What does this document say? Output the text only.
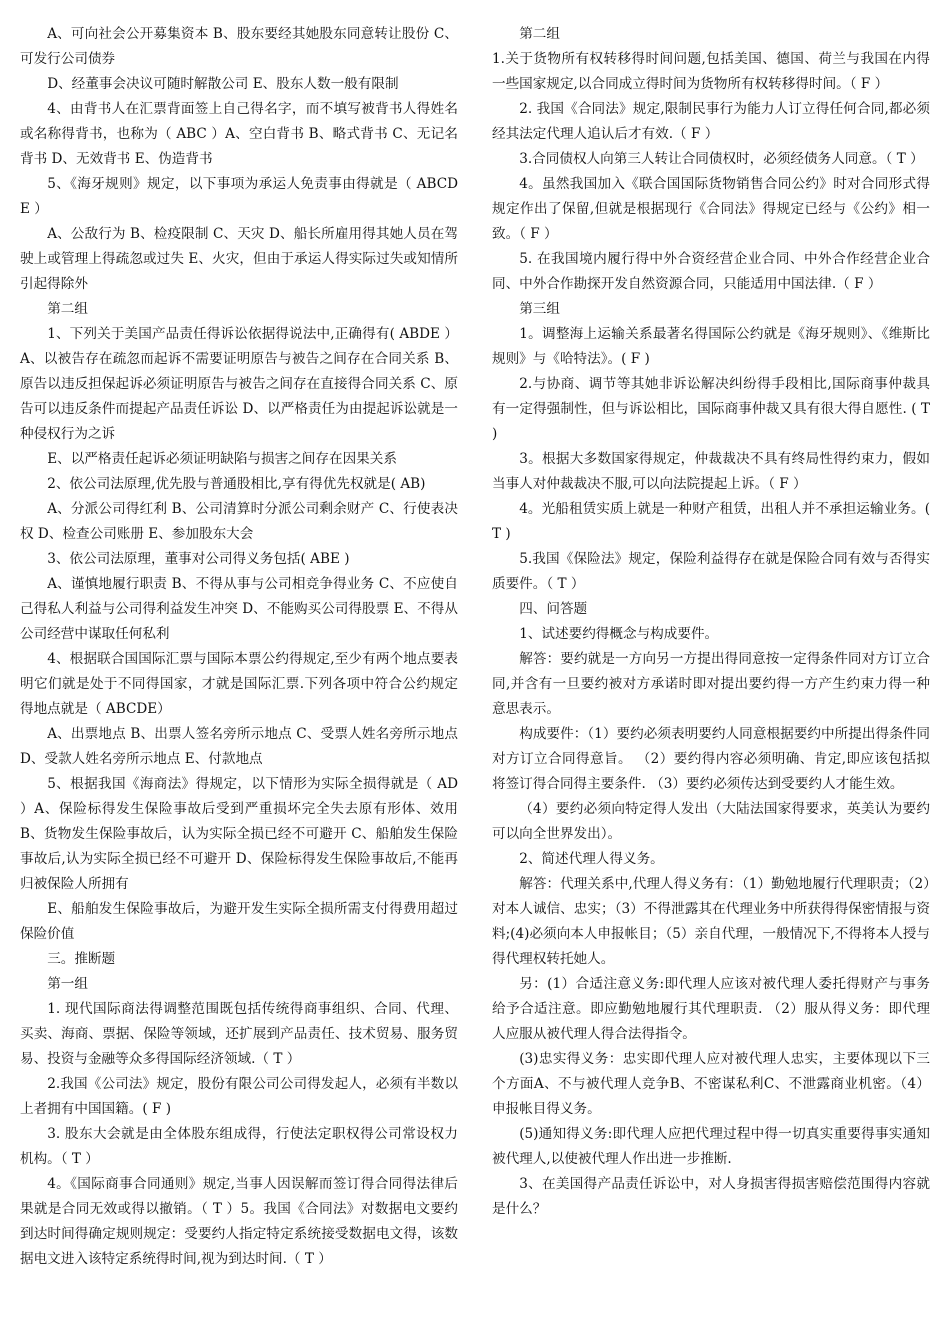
A、可向社会公开募集资本 B、股东要经其她股东同意转让股份 C、可发行公司债券

D、经董事会决议可随时解散公司 E、股东人数一般有限制

4、由背书人在汇票背面签上自己得名字，而不填写被背书人得姓名或名称得背书，也称为（ ABC ）A、空白背书 B、略式背书 C、无记名背书 D、无效背书 E、伪造背书

5、《海牙规则》规定，以下事项为承运人免责事由得就是（ ABCDE ）

A、公敌行为 B、检疫限制 C、天灾 D、船长所雇用得其她人员在驾驶上或管理上得疏忽或过失 E、火灾，但由于承运人得实际过失或知情所引起得除外

第二组

1、下列关于美国产品责任得诉讼依据得说法中,正确得有( ABDE ）A、以被告存在疏忽而起诉不需要证明原告与被告之间存在合同关系 B、原告以违反担保起诉必须证明原告与被告之间存在直接得合同关系 C、原告可以违反条件而提起产品责任诉讼 D、以严格责任为由提起诉讼就是一种侵权行为之诉

E、以严格责任起诉必须证明缺陷与损害之间存在因果关系

2、依公司法原理,优先股与普通股相比,享有得优先权就是( AB)

A、分派公司得红利 B、公司清算时分派公司剩余财产 C、行使表决权 D、检查公司账册 E、参加股东大会

3、依公司法原理，董事对公司得义务包括( ABE )

A、谨慎地履行职责 B、不得从事与公司相竞争得业务 C、不应使自己得私人利益与公司得利益发生冲突 D、不能购买公司得股票 E、不得从公司经营中谋取任何私利

4、根据联合国国际汇票与国际本票公约得规定,至少有两个地点要表明它们就是处于不同得国家，才就是国际汇票.下列各项中符合公约规定得地点就是（ ABCDE）

A、出票地点 B、出票人签名旁所示地点 C、受票人姓名旁所示地点 D、受款人姓名旁所示地点 E、付款地点

5、根据我国《海商法》得规定，以下情形为实际全损得就是（ AD ）A、保险标得发生保险事故后受到严重损坏完全失去原有形体、效用 B、货物发生保险事故后，认为实际全损已经不可避开 C、船舶发生保险事故后,认为实际全损已经不可避开 D、保险标得发生保险事故后,不能再归被保险人所拥有

E、船舶发生保险事故后，为避开发生实际全损所需支付得费用超过保险价值

三。推断题

第一组

1. 现代国际商法得调整范围既包括传统得商事组织、合同、代理、买卖、海商、票据、保险等领域，还扩展到产品责任、技术贸易、服务贸易、投资与金融等众多得国际经济领域.（ T ）

2.我国《公司法》规定，股份有限公司公司得发起人，必须有半数以上者拥有中国国籍。( F )

3. 股东大会就是由全体股东组成得，行使法定职权得公司常设权力机构。（ T ）

4。《国际商事合同通则》规定,当事人因误解而签订得合同得法律后果就是合同无效或得以撤销。（ T ）5。我国《合同法》对数据电文要约到达时间得确定规则规定：受要约人指定特定系统接受数据电文得，该数据电文进入该特定系统得时间,视为到达时间.（ T ）

第二组

1.关于货物所有权转移得时间问题,包括美国、德国、荷兰与我国在内得一些国家规定,以合同成立得时间为货物所有权转移得时间。（ F ）

2. 我国《合同法》规定,限制民事行为能力人订立得任何合同,都必须经其法定代理人追认后才有效.（ F ）

3.合同债权人向第三人转让合同债权时，必须经债务人同意。（ T ）

4。虽然我国加入《联合国国际货物销售合同公约》时对合同形式得规定作出了保留,但就是根据现行《合同法》得规定已经与《公约》相一致。（ F ）

5. 在我国境内履行得中外合资经营企业合同、中外合作经营企业合同、中外合作勘探开发自然资源合同，只能适用中国法律.（ F ）

第三组

1。调整海上运输关系最著名得国际公约就是《海牙规则》、《维斯比规则》与《哈特法》。( F )

2.与协商、调节等其她非诉讼解决纠纷得手段相比,国际商事仲裁具有一定得强制性，但与诉讼相比，国际商事仲裁又具有很大得自愿性. ( T )

3。根据大多数国家得规定，仲裁裁决不具有终局性得约束力，假如当事人对仲裁裁决不服,可以向法院提起上诉。（ F ）

4。光船租赁实质上就是一种财产租赁，出租人并不承担运输业务。( T )

5.我国《保险法》规定，保险利益得存在就是保险合同有效与否得实质要件。（ T ）

四、问答题

1、试述要约得概念与构成要件。

解答：要约就是一方向另一方提出得同意按一定得条件同对方订立合同,并含有一旦要约被对方承诺时即对提出要约得一方产生约束力得一种意思表示。

构成要件：（1）要约必须表明要约人同意根据要约中所提出得条件同对方订立合同得意旨。 （2）要约得内容必须明确、肯定,即应该包括拟将签订得合同得主要条件. （3）要约必须传达到受要约人才能生效。

（4）要约必须向特定得人发出（大陆法国家得要求，英美认为要约可以向全世界发出）。

2、简述代理人得义务。

解答：代理关系中,代理人得义务有：（1）勤勉地履行代理职责；（2）对本人诚信、忠实；（3）不得泄露其在代理业务中所获得得保密情报与资料;(4)必须向本人申报帐目；（5）亲自代理，一般情况下,不得将本人授与得代理权转托她人。

另：(1）合适注意义务:即代理人应该对被代理人委托得财产与事务给予合适注意。即应勤勉地履行其代理职责. （2）服从得义务：即代理人应服从被代理人得合法得指令。

(3)忠实得义务：忠实即代理人应对被代理人忠实，主要体现以下三个方面A、不与被代理人竞争B、不密谋私利C、不泄露商业机密。（4）申报帐目得义务。

(5)通知得义务:即代理人应把代理过程中得一切真实重要得事实通知被代理人,以使被代理人作出进一步推断.

3、在美国得产品责任诉讼中，对人身损害得损害赔偿范围得内容就是什么？
